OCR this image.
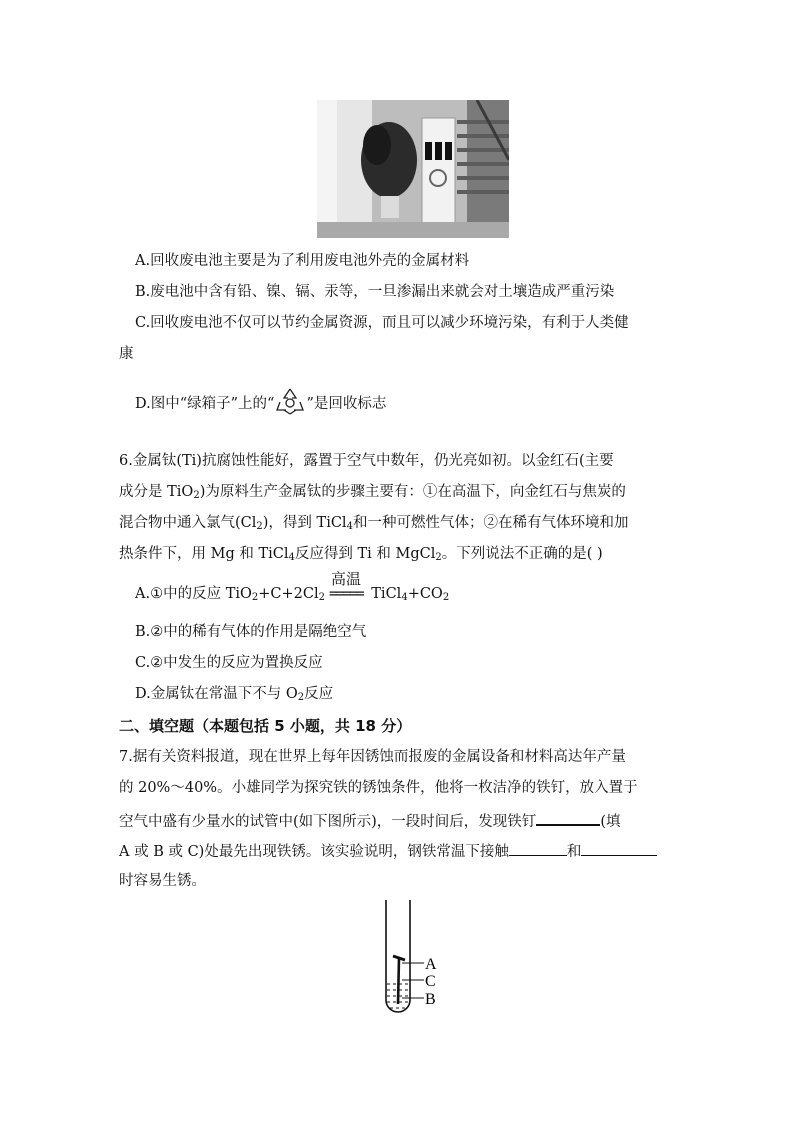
A.回收废电池主要是为了利用废电池外壳的金属材料
B.废电池中含有铅、镍、镉、汞等，一旦渗漏出来就会对土壤造成严重污染
C.回收废电池不仅可以节约金属资源，而且可以减少环境污染，有利于人类健
康
D.图中“绿箱子”上的“ ”是回收标志
6.金属钛(Ti)抗腐蚀性能好，露置于空气中数年，仍光亮如初。以金红石(主要
成分是 TiO$_2$)为原料生产金属钛的步骤主要有：①在高温下，向金红石与焦炭的
混合物中通入氯气$(Cl_2)$，得到 TiCl$_4$和一种可燃性气体；②在稀有气体环境和加
热条件下，用 Mg 和 TiCl$_4$反应得到 Ti 和 MgCl$_2$。下列说法不正确的是( )
A.①中的反应 $TiO_2+C+2Cl_2$
高温
===== $TiCl_4+CO_2$
B.②中的稀有气体的作用是隔绝空气
C.②中发生的反应为置换反应
D.金属钛在常温下不与 $O_2$反应
二、填空题（本题包括 5 小题，共 18 分）
7.据有关资料报道，现在世界上每年因锈蚀而报废的金属设备和材料高达年产量
的 20%～40%。小雄同学为探究铁的锈蚀条件，他将一枚洁净的铁钉，放入置于
空气中盛有少量水的试管中(如下图所示)，一段时间后，发现铁钉	(填
A 或 B 或 C)处最先出现铁锈。该实验说明，钢铁常温下接触	和
时容易生锈。
A
C
B
